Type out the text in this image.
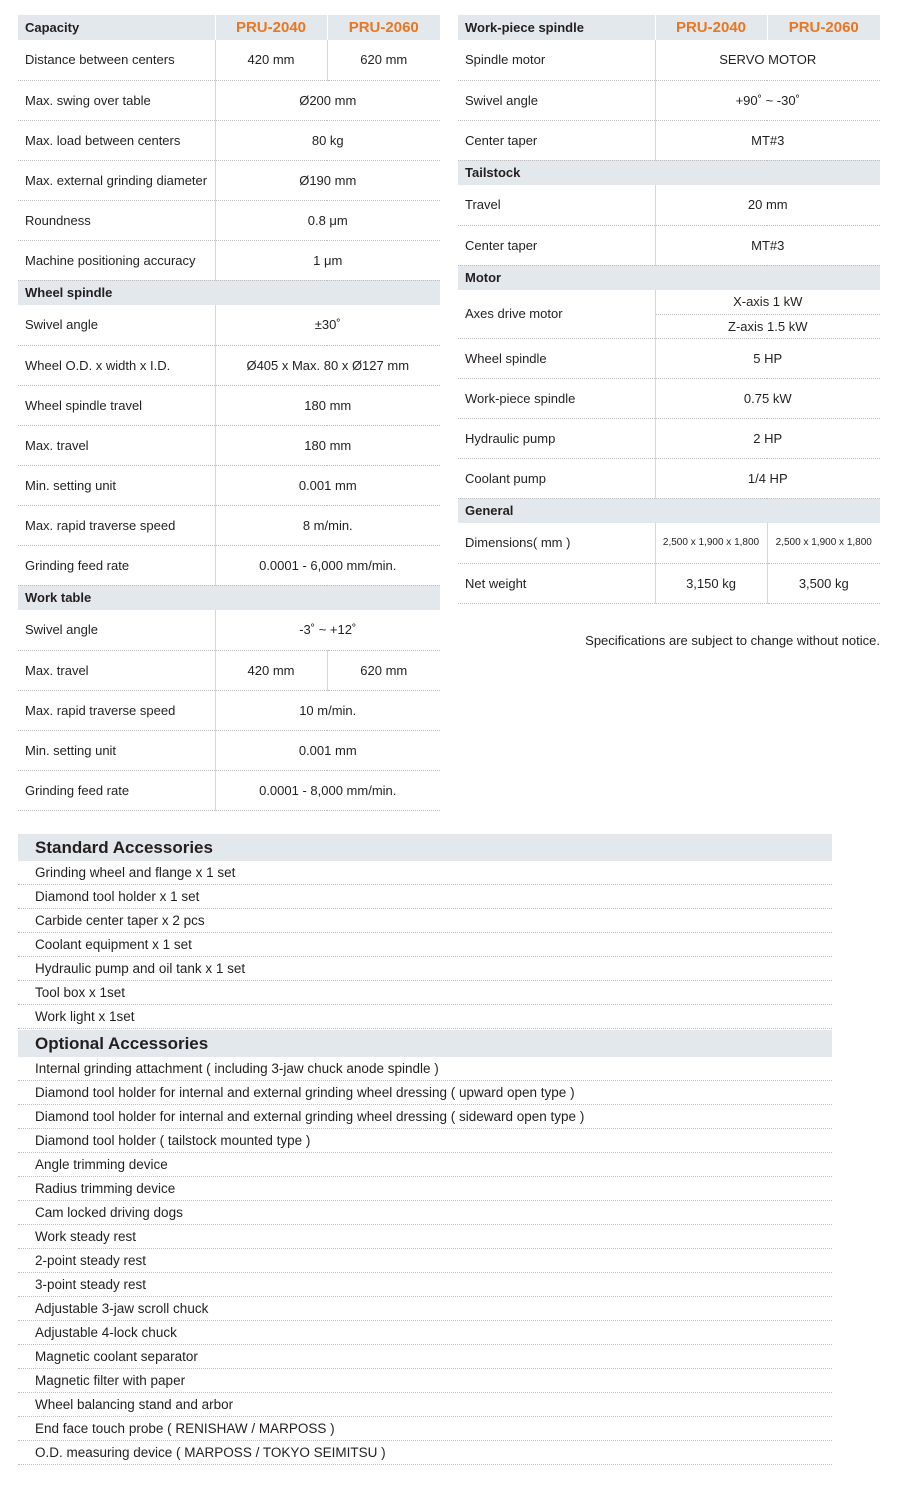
Capacity	PRU-2040	PRU-2060
Distance between centers	420 mm	620 mm
Max. swing over table	Ø200 mm	
Max. load between centers	80 kg	
Max. external grinding diameter	Ø190 mm	
Roundness	0.8 μm	
Machine positioning accuracy	1 μm	
Wheel spindle		
Swivel angle	±30˚	
Wheel O.D. x width x I.D.	Ø405 x Max. 80 x Ø127 mm	
Wheel spindle travel	180 mm	
Max. travel	180 mm	
Min. setting unit	0.001 mm	
Max. rapid traverse speed	8 m/min.	
Grinding feed rate	0.0001 - 6,000 mm/min.	
Work table		
Swivel angle	-3˚ ~ +12˚	
Max. travel	420 mm	620 mm
Max. rapid traverse speed	10 m/min.	
Min. setting unit	0.001 mm	
Grinding feed rate	0.0001 - 8,000 mm/min.	
Work-piece spindle	PRU-2040	PRU-2060
Spindle motor	SERVO MOTOR	
Swivel angle	+90˚ ~ -30˚	
Center taper	MT#3	
Tailstock		
Travel	20 mm	
Center taper	MT#3	
Motor		
Axes drive motor	X-axis 1 kW	
	Z-axis 1.5 kW	
Wheel spindle	5 HP	
Work-piece spindle	0.75 kW	
Hydraulic pump	2 HP	
Coolant pump	1/4 HP	
General		
Dimensions( mm )	2,500 x 1,900 x 1,800	2,500 x 1,900 x 1,800
Net weight	3,150 kg	3,500 kg
Specifications are subject to change without notice.
Standard Accessories
Grinding wheel and flange x 1 set
Diamond tool holder x 1 set
Carbide center taper x 2 pcs
Coolant equipment x 1 set
Hydraulic pump and oil tank x 1 set
Tool box x 1set
Work light x 1set
Optional Accessories
Internal grinding attachment ( including 3-jaw chuck anode spindle )
Diamond tool holder for internal and external grinding wheel dressing ( upward open type )
Diamond tool holder for internal and external grinding wheel dressing ( sideward open type )
Diamond tool holder ( tailstock mounted type )
Angle trimming device
Radius trimming device
Cam locked driving dogs
Work steady rest
2-point steady rest
3-point steady rest
Adjustable 3-jaw scroll chuck
Adjustable 4-lock chuck
Magnetic coolant separator
Magnetic filter with paper
Wheel balancing stand and arbor
End face touch probe ( RENISHAW / MARPOSS )
O.D. measuring device ( MARPOSS / TOKYO SEIMITSU )
